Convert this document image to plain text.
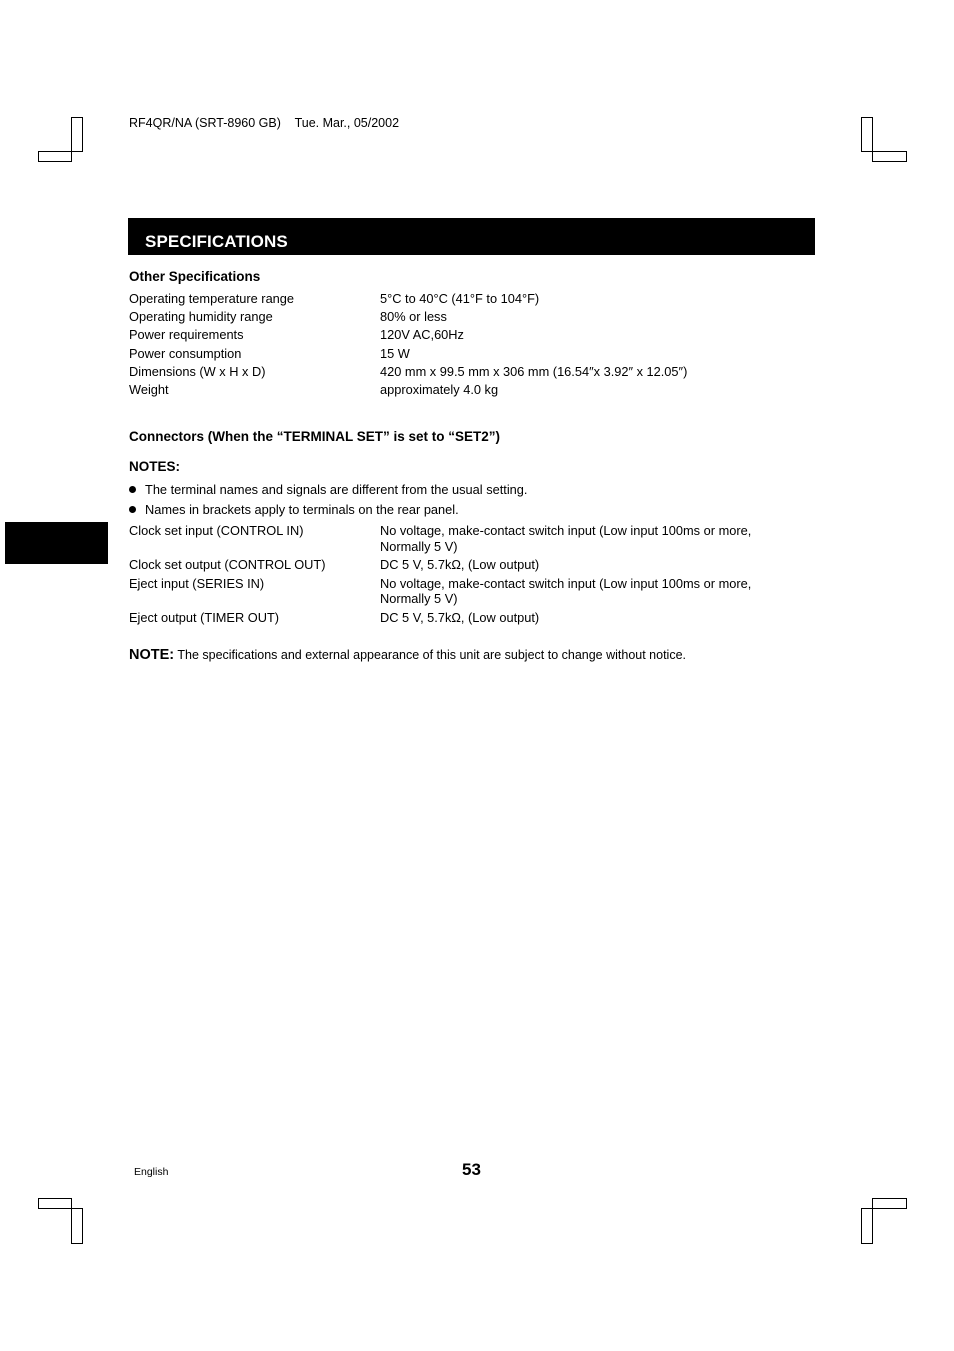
RF4QR/NA (SRT-8960 GB) Tue. Mar., 05/2002
SPECIFICATIONS
Other Specifications
Operating temperature range	5°C to 40°C (41°F to 104°F)
Operating humidity range	80% or less
Power requirements	120V AC,60Hz
Power consumption	15 W
Dimensions (W x H x D)	420 mm x 99.5 mm x 306 mm (16.54″x 3.92″ x 12.05″)
Weight	approximately 4.0 kg
Connectors (When the “TERMINAL SET” is set to “SET2”)
NOTES:
The terminal names and signals are different from the usual setting.
Names in brackets apply to terminals on the rear panel.
Clock set input (CONTROL IN)	No voltage, make-contact switch input (Low input 100ms or more,
Normally 5 V)
Clock set output (CONTROL OUT)	DC 5 V, 5.7kΩ, (Low output)
Eject input (SERIES IN)	No voltage, make-contact switch input (Low input 100ms or more,
Normally 5 V)
Eject output (TIMER OUT)	DC 5 V, 5.7kΩ, (Low output)
NOTE: The specifications and external appearance of this unit are subject to change without notice.
English	53
